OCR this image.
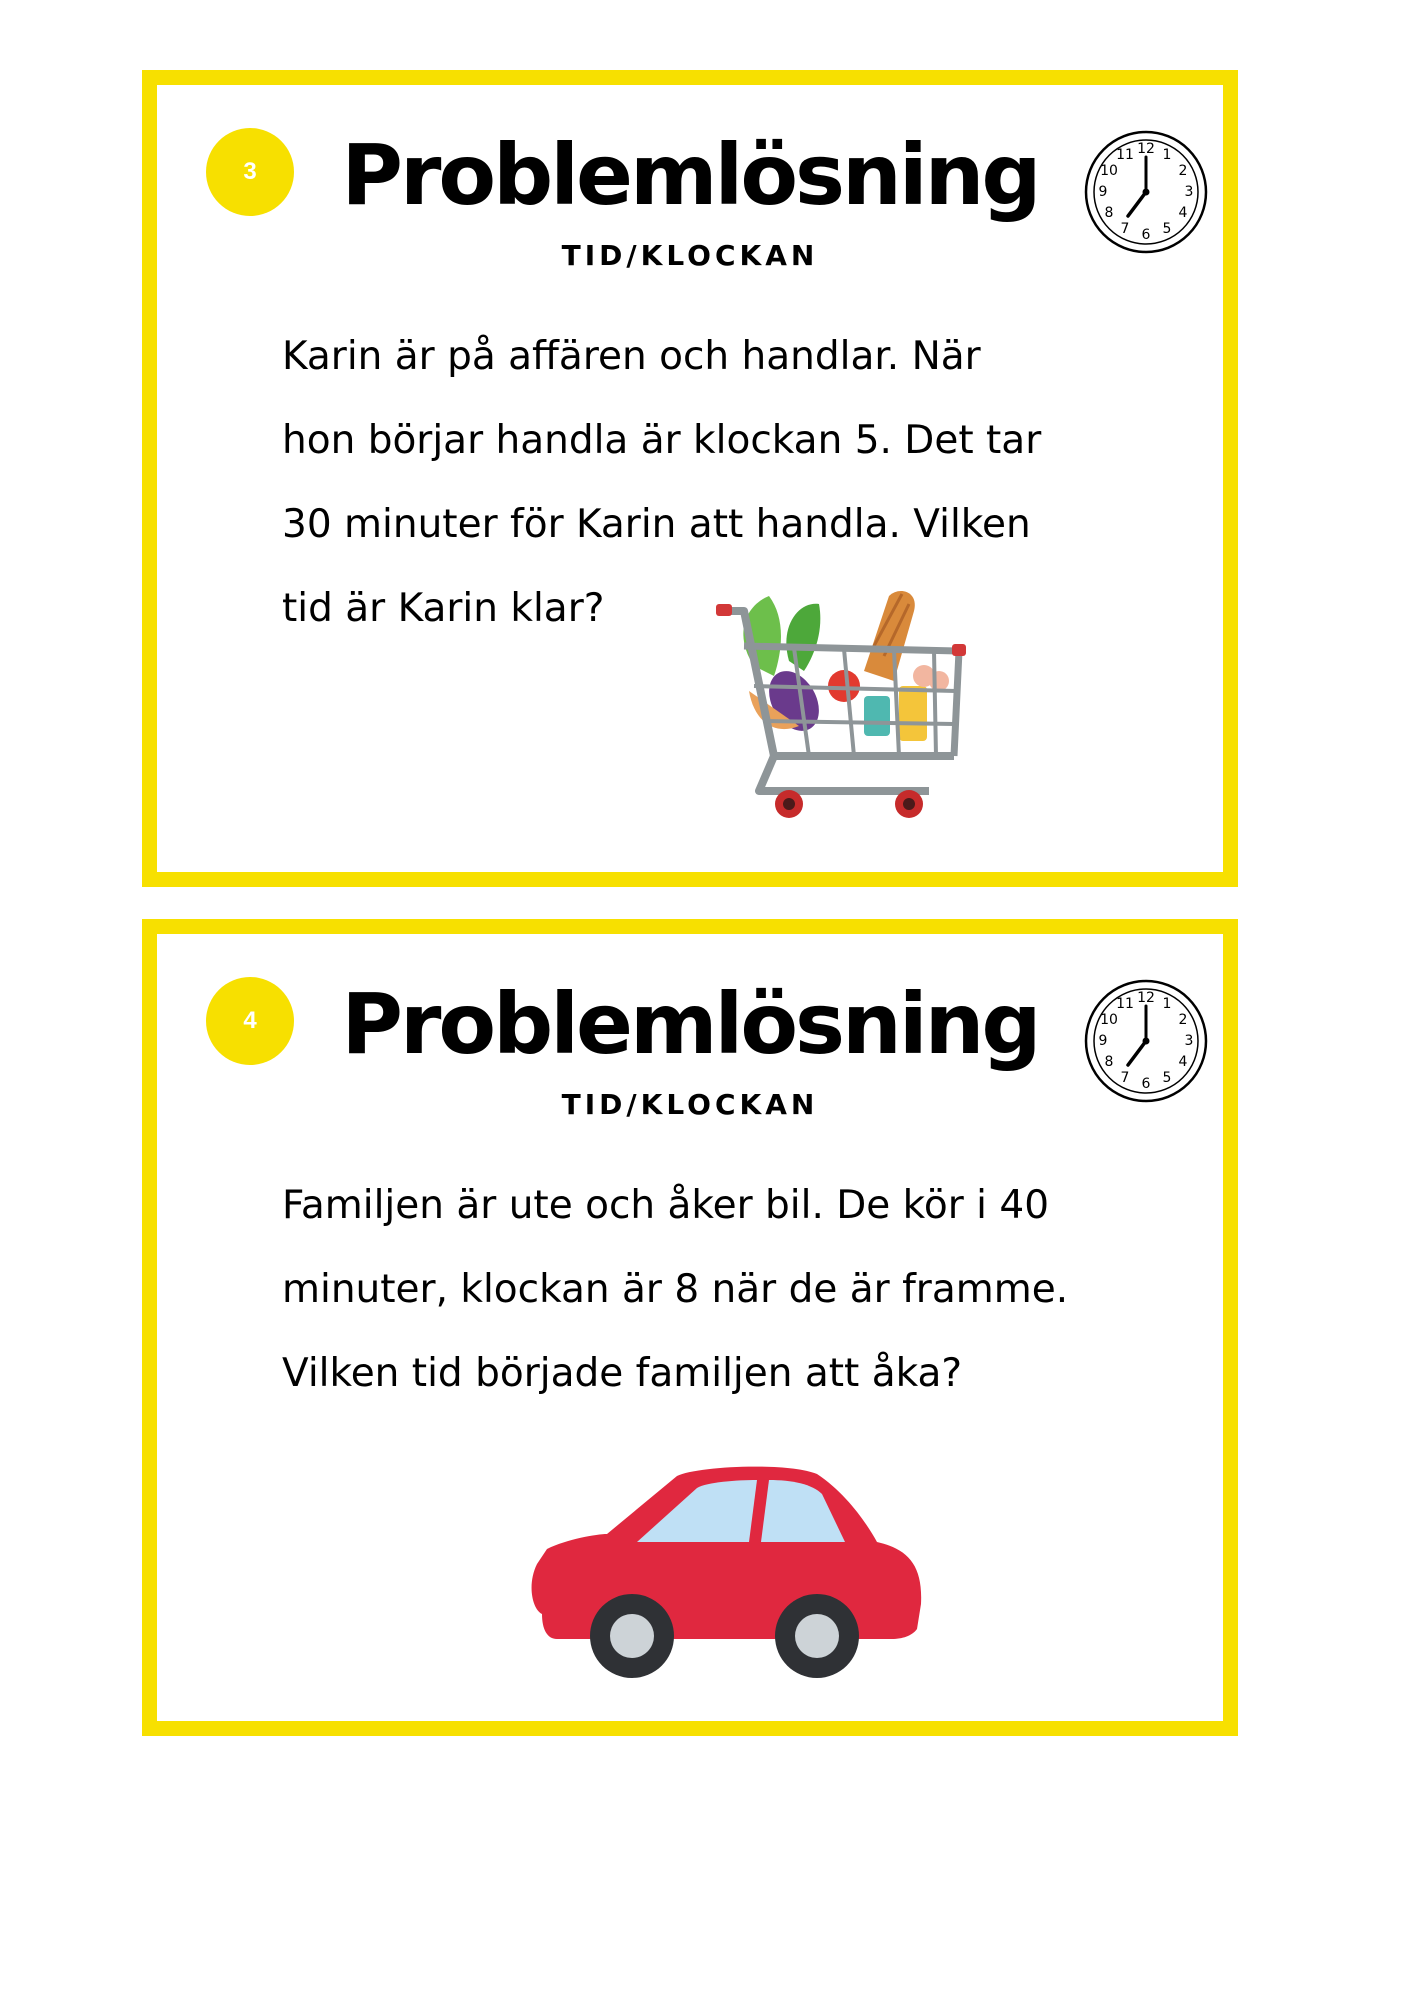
3	Problemlösning
TID/KLOCKAN
12 1
2
3
4
5
6
7
8
9
10
11
Karin är på affären och handlar. När
hon börjar handla är klockan 5. Det tar
30 minuter för Karin att handla. Vilken
tid är Karin klar?
4	Problemlösning
TID/KLOCKAN
12 1
2
3
4
5
6
7
8
9
10
11
Familjen är ute och åker bil. De kör i 40
minuter, klockan är 8 när de är framme.
Vilken tid började familjen att åka?
